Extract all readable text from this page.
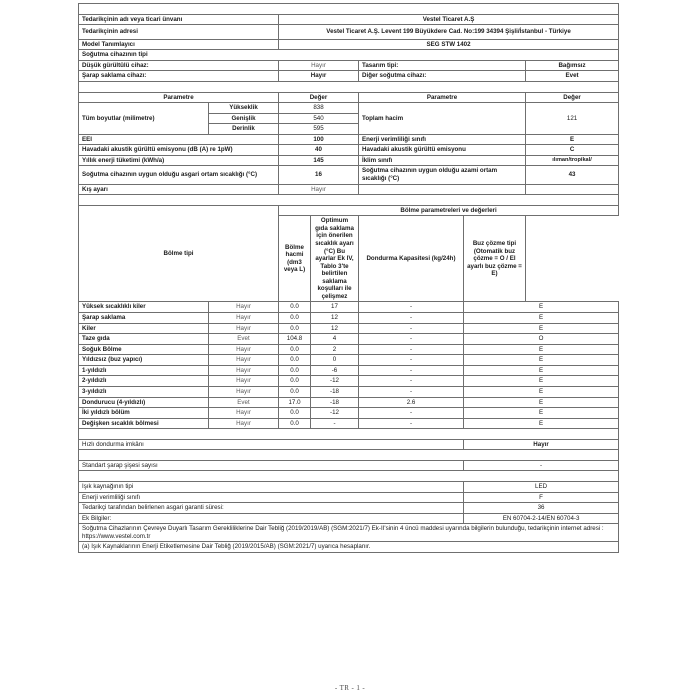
TR - ÜRÜN BİLGİ FORMU						
Tedarikçinin adı veya ticari ünvanı		Vestel Ticaret A.Ş				
Tedarikçinin adresi		Vestel Ticaret A.Ş. Levent 199 Büyükdere Cad. No:199 34394 Şişli/İstanbul - Türkiye				
Model Tanımlayıcı		SEG STW 1402				
Soğutma cihazının tipi						
Düşük gürültülü cihaz:		Hayır		Tasarım tipi:		Bağımsız
Şarap saklama cihazı:		Hayır		Diğer soğutma cihazı:		Evet
Genel Ürün Parametreleri						
Parametre		Değer		Parametre		Değer
Tüm boyutlar (milimetre)	Yükseklik	838		Toplam hacim		121
	Genişlik	540				
	Derinlik	595				
EEI		100		Enerji verimliliği sınıfı		E
Havadaki akustik gürültü emisyonu (dB (A) re 1pW)		40		Havadaki akustik gürültü emisyonu		C
Yıllık enerji tüketimi (kWh/a)		145		İklim sınıfı		ılıman/tropikal/
Soğutma cihazının uygun olduğu asgari ortam sıcaklığı (°C)		16		Soğutma cihazının uygun olduğu azami ortam sıcaklığı (°C)		43
Kış ayarı		Hayır				
Bölme Parametreleri						
Bölme tipi		Bölme parametreleri ve değerleri				
		Bölme hacmi (dm3 veya L)	Optimum gıda saklama için önerilen sıcaklık ayarı (°C) Bu ayarlar Ek IV, Tablo 3'te belirtilen saklama koşulları ile çelişmez	Dondurma Kapasitesi (kg/24h)	Buz çözme tipi (Otomatik buz çözme = O / El ayarlı buz çözme = E)	
Yüksek sıcaklıklı kiler	Hayır	0.0	17	-	E	
Şarap saklama	Hayır	0.0	12	-	E	
Kiler	Hayır	0.0	12	-	E	
Taze gıda	Evet	104.8	4	-	O	
Soğuk Bölme	Hayır	0.0	2	-	E	
Yıldızsız (buz yapıcı)	Hayır	0.0	0	-	E	
1-yıldızlı	Hayır	0.0	-6	-	E	
2-yıldızlı	Hayır	0.0	-12	-	E	
3-yıldızlı	Hayır	0.0	-18	-	E	
Dondurucu (4-yıldızlı)	Evet	17.0	-18	2.6	E	
İki yıldızlı bölüm	Hayır	0.0	-12	-	E	
Değişken sıcaklık bölmesi	Hayır	0.0	-	-	E	
4-YILDIZLI BÖLMELER İÇİN						
Hızlı dondurma imkânı					Hayır	
Şarap saklama cihazları için						
Standart şarap şişesi sayısı					-	
IŞIK KAYNAĞI PARAMETRELERİ(a,b)						
Işık kaynağının tipi					LED	
Enerji verimliliği sınıfı					F	
Tedarikçi tarafından belirlenen asgari garanti süresi:					36	
Ek Bilgiler:					EN 60704-2-14/EN 60704-3	
Soğutma Cihazlarının Çevreye Duyarlı Tasarım Gerekliliklerine Dair Tebliğ (2019/2019/AB) (SGM:2021/7) Ek-II'sinin 4 üncü maddesi uyarında bilgilerin bulunduğu, tedarikçinin internet adresi : https://www.vestel.com.tr						
(a) Işık Kaynaklarının Enerji Etiketlemesine Dair Tebliğ (2019/2015/AB) (SGM:2021/7) uyarıca hesaplanır.						
- TR - 1 -
